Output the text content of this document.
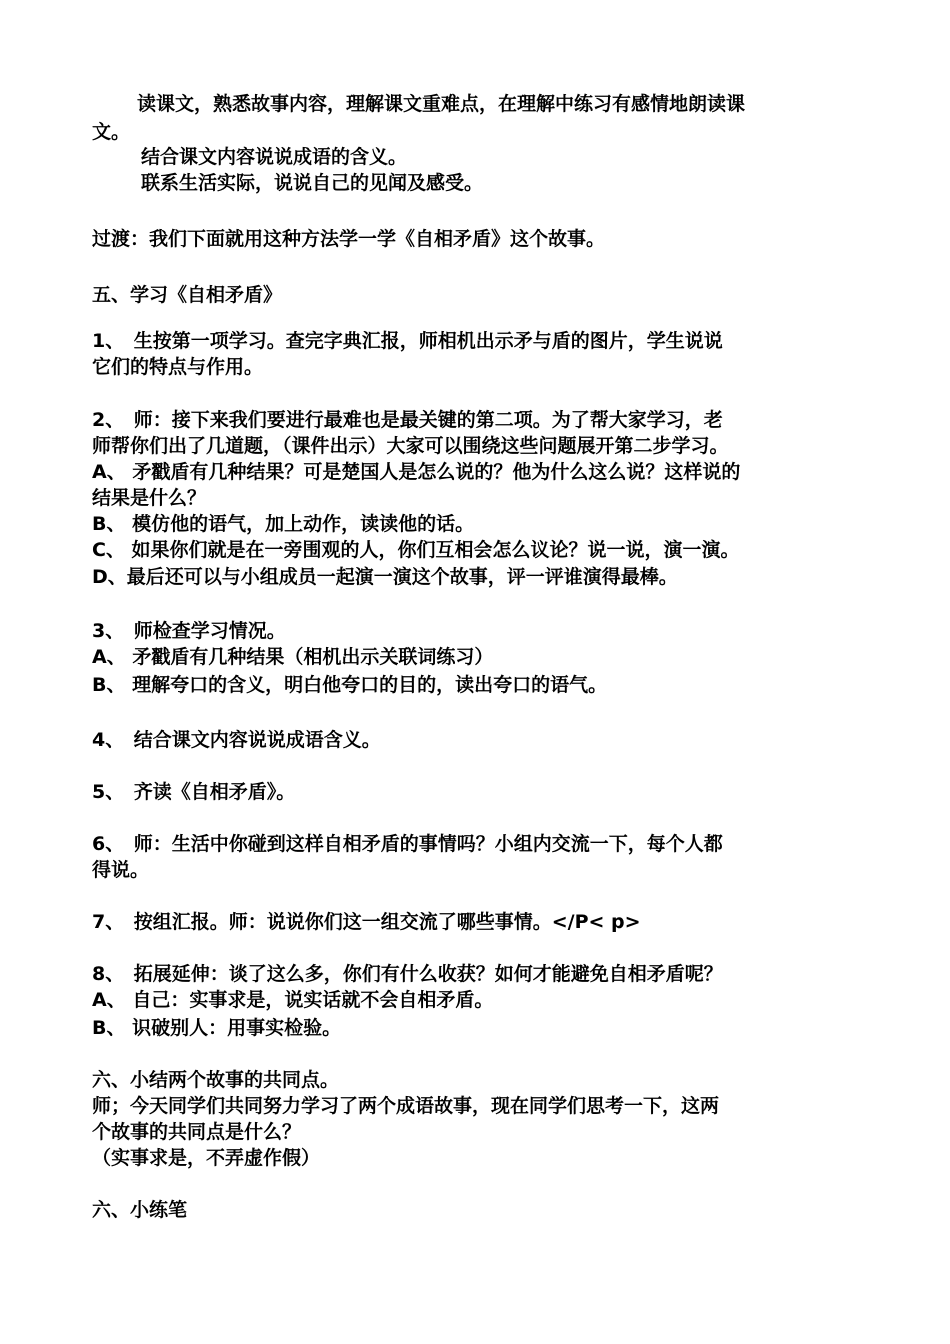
读课文，熟悉故事内容，理解课文重难点，在理解中练习有感情地朗读课

文。

结合课文内容说说成语的含义。

联系生活实际，说说自己的见闻及感受。

过渡：我们下面就用这种方法学一学《自相矛盾》这个故事。

五、学习《自相矛盾》

1、　生按第一项学习。查完字典汇报，师相机出示矛与盾的图片，学生说说

它们的特点与作用。

2、　师：接下来我们要进行最难也是最关键的第二项。为了帮大家学习，老

师帮你们出了几道题，（课件出示）大家可以围绕这些问题展开第二步学习。

A、 矛戳盾有几种结果？可是楚国人是怎么说的？他为什么这么说？这样说的

结果是什么？

B、 模仿他的语气，加上动作，读读他的话。

C、 如果你们就是在一旁围观的人，你们互相会怎么议论？说一说，演一演。

D、最后还可以与小组成员一起演一演这个故事，评一评谁演得最棒。

3、　师检查学习情况。

A、 矛戳盾有几种结果（相机出示关联词练习）

B、 理解夸口的含义，明白他夸口的目的，读出夸口的语气。

4、　结合课文内容说说成语含义。

5、　齐读《自相矛盾》。

6、　师：生活中你碰到这样自相矛盾的事情吗？小组内交流一下，每个人都

得说。

7、　按组汇报。师：说说你们这一组交流了哪些事情。</P< p>

8、　拓展延伸：谈了这么多，你们有什么收获？如何才能避免自相矛盾呢？

A、 自己：实事求是，说实话就不会自相矛盾。

B、 识破别人：用事实检验。

六、小结两个故事的共同点。

师；今天同学们共同努力学习了两个成语故事，现在同学们思考一下，这两

个故事的共同点是什么？

（实事求是，不弄虚作假）

六、小练笔
